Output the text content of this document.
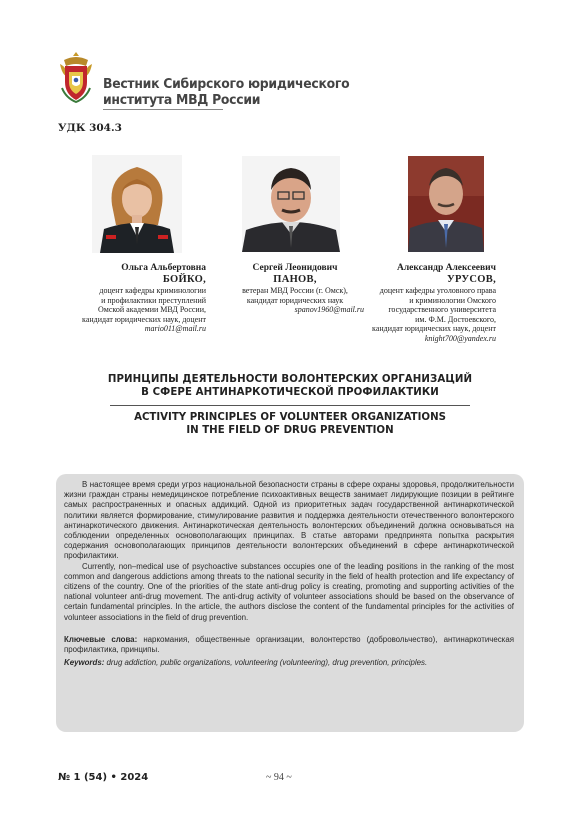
Вестник Сибирского юридического
института МВД России
УДК 304.3
Ольга Альбертовна
БОЙКО,
доцент кафедры криминологии
и профилактики преступлений
Омской академии МВД России,
кандидат юридических наук, доцент
mario011@mail.ru
Сергей Леонидович
ПАНОВ,
ветеран МВД России (г. Омск),
кандидат юридических наук
spanov1960@mail.ru
Александр Алексеевич
УРУСОВ,
доцент кафедры уголовного права
и криминологии Омского
государственного университета
им. Ф.М. Достоевского,
кандидат юридических наук, доцент
knight700@yandex.ru
ПРИНЦИПЫ ДЕЯТЕЛЬНОСТИ ВОЛОНТЕРСКИХ ОРГАНИЗАЦИЙ
В СФЕРЕ АНТИНАРКОТИЧЕСКОЙ ПРОФИЛАКТИКИ
ACTIVITY PRINCIPLES OF VOLUNTEER ORGANIZATIONS
IN THE FIELD OF DRUG PREVENTION

В настоящее время среди угроз национальной безопасности страны в сфере охраны здоровья, продолжительности жизни граждан страны немедицинское потребление психоактивных веществ занимает лидирующие позиции в рейтинге самых распространенных и опасных аддикций. Одной из приоритетных задач государственной антинаркотической политики является формирование, стимулирование развития и поддержка деятельности отечественного волонтерского антинаркотического движения. Антинаркотическая деятельность волонтерских объединений должна основываться на соблюдении определенных основополагающих принципах. В статье авторами предпринята попытка раскрытия содержания основополагающих принципов деятельности волонтерских объединений в сфере антинаркотической профилактики.

Currently, non–medical use of psychoactive substances occupies one of the leading positions in the ranking of the most common and dangerous addictions among threats to the national security in the field of health protection and life expectancy of citizens of the country. One of the priorities of the state anti-drug policy is creating, promoting and supporting activities of the national volunteer anti-drug movement. The anti-drug activity of volunteer associations should be based on the observance of certain fundamental principles. In the article, the authors disclose the content of the fundamental principles for the activities of volunteer associations in the field of drug prevention.

Ключевые слова: наркомания, общественные организации, волонтерство (добровольчество), антинаркотическая профилактика, принципы.

Keywords: drug addiction, public organizations, volunteering (volunteering), drug prevention, principles.

№ 1 (54) • 2024	~ 94 ~
